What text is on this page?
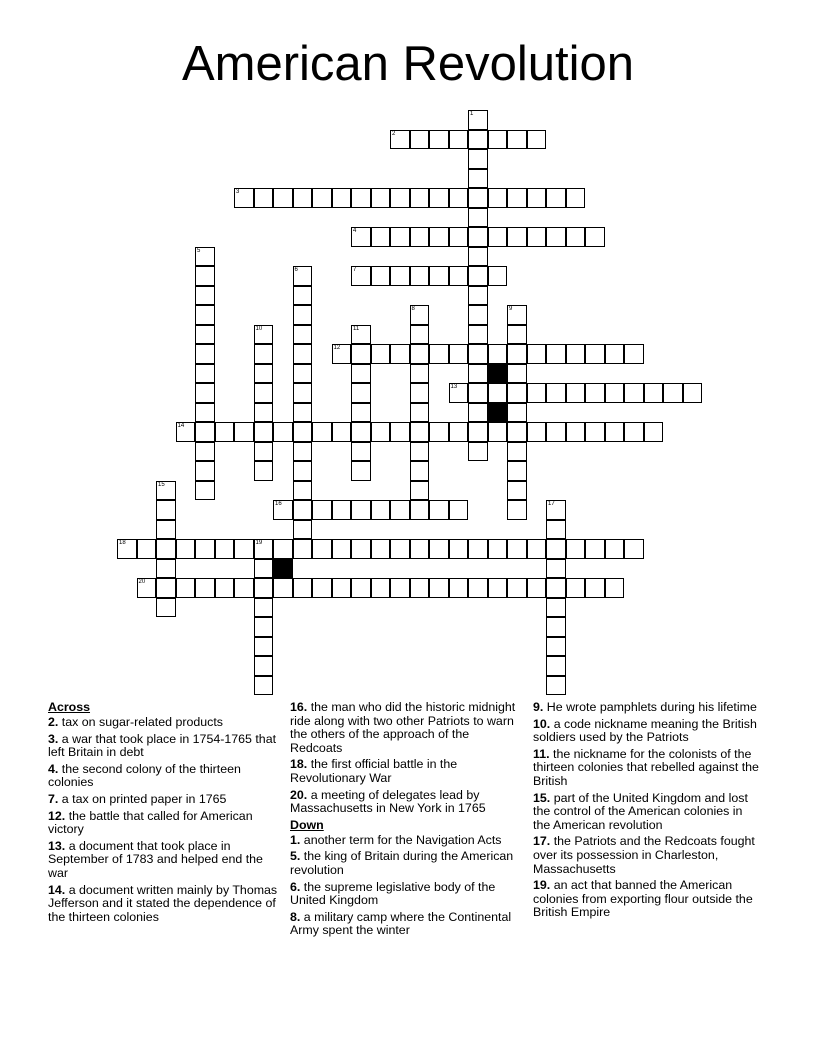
American Revolution
1
2
3
4
5
6	7
8	9
10	11
12
13
14
15
16	17
18	19
20
Across
2. tax on sugar-related products
3. a war that took place in 1754-1765 that left Britain in debt
4. the second colony of the thirteen colonies
7. a tax on printed paper in 1765
12. the battle that called for American victory
13. a document that took place in September of 1783 and helped end the war
14. a document written mainly by Thomas Jefferson and it stated the dependence of the thirteen colonies
16. the man who did the historic midnight ride along with two other Patriots to warn the others of the approach of the Redcoats
18. the first official battle in the Revolutionary War
20. a meeting of delegates lead by Massachusetts in New York in 1765
Down
1. another term for the Navigation Acts
5. the king of Britain during the American revolution
6. the supreme legislative body of the United Kingdom
8. a military camp where the Continental Army spent the winter
9. He wrote pamphlets during his lifetime
10. a code nickname meaning the British soldiers used by the Patriots
11. the nickname for the colonists of the thirteen colonies that rebelled against the British
15. part of the United Kingdom and lost the control of the American colonies in the American revolution
17. the Patriots and the Redcoats fought over its possession in Charleston, Massachusetts
19. an act that banned the American colonies from exporting flour outside the British Empire
